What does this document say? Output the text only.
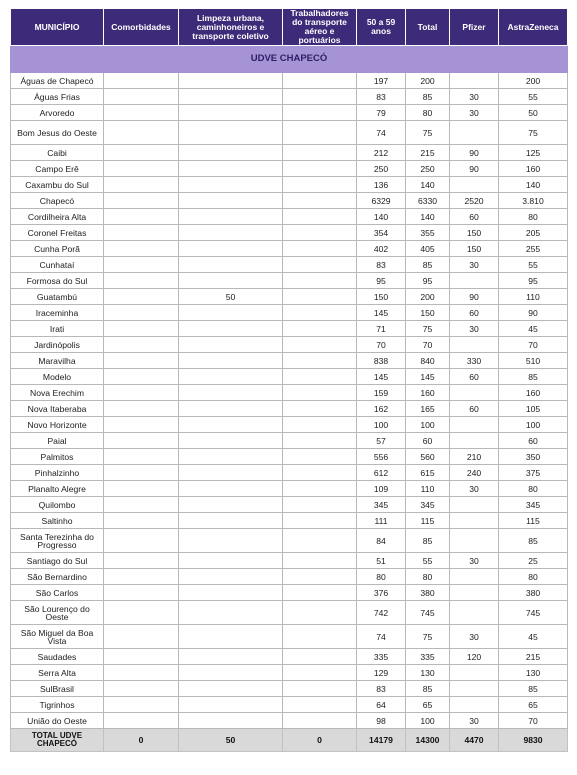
MUNICÍPIO	Comorbidades	Limpeza urbana, caminhoneiros e transporte coletivo	Trabalhadores do transporte aéreo e portuários	50 a 59 anos	Total	Pfizer	AstraZeneca
UDVE CHAPECÓ							
Águas de Chapecó				197	200		200
Águas Frias				83	85	30	55
Arvoredo				79	80	30	50
Bom Jesus do Oeste				74	75		75
Caibi				212	215	90	125
Campo Erê				250	250	90	160
Caxambu do Sul				136	140		140
Chapecó				6329	6330	2520	3.810
Cordilheira Alta				140	140	60	80
Coronel Freitas				354	355	150	205
Cunha Porã				402	405	150	255
Cunhataí				83	85	30	55
Formosa do Sul				95	95		95
Guatambú		50		150	200	90	110
Iraceminha				145	150	60	90
Irati				71	75	30	45
Jardinópolis				70	70		70
Maravilha				838	840	330	510
Modelo				145	145	60	85
Nova Erechim				159	160		160
Nova Itaberaba				162	165	60	105
Novo Horizonte				100	100		100
Paial				57	60		60
Palmitos				556	560	210	350
Pinhalzinho				612	615	240	375
Planalto Alegre				109	110	30	80
Quilombo				345	345		345
Saltinho				111	115		115
Santa Terezinha do Progresso				84	85		85
Santiago do Sul				51	55	30	25
São Bernardino				80	80		80
São Carlos				376	380		380
São Lourenço do Oeste				742	745		745
São Miguel da Boa Vista				74	75	30	45
Saudades				335	335	120	215
Serra Alta				129	130		130
SulBrasil				83	85		85
Tigrinhos				64	65		65
União do Oeste				98	100	30	70
TOTAL UDVE CHAPECÓ	0	50	0	14179	14300	4470	9830
